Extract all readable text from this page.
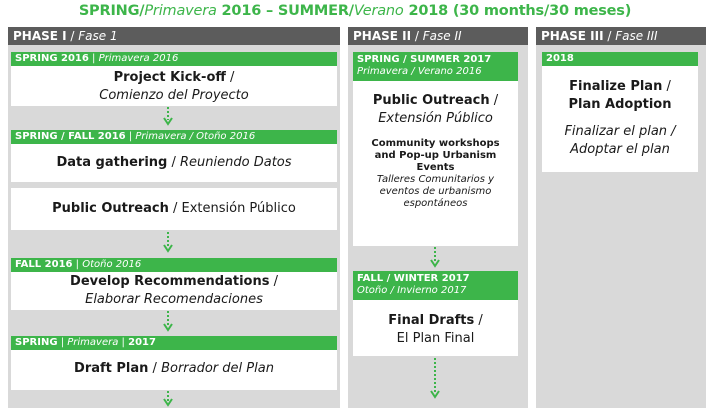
SPRING/Primavera 2016 – SUMMER/Verano 2018 (30 months/30 meses)
PHASE I / Fase 1
SPRING 2016 | Primavera 2016
Project Kick-off /
Comienzo del Proyecto
SPRING / FALL 2016 | Primavera / Otoño 2016
Data gathering / Reuniendo Datos
Public Outreach / Extensión Público
FALL 2016 | Otoño 2016
Develop Recommendations /
Elaborar Recomendaciones
SPRING | Primavera | 2017
Draft Plan / Borrador del Plan
PHASE II / Fase II
SPRING / SUMMER 2017
Primavera / Verano 2016
Public Outreach /
Extensión Público
Community workshops
and Pop-up Urbanism
Events
Talleres Comunitarios y
eventos de urbanismo
espontáneos
FALL / WINTER 2017
Otoño / Invierno 2017
Final Drafts /
El Plan Final
PHASE III / Fase III
2018
Finalize Plan /
Plan Adoption
Finalizar el plan /
Adoptar el plan
